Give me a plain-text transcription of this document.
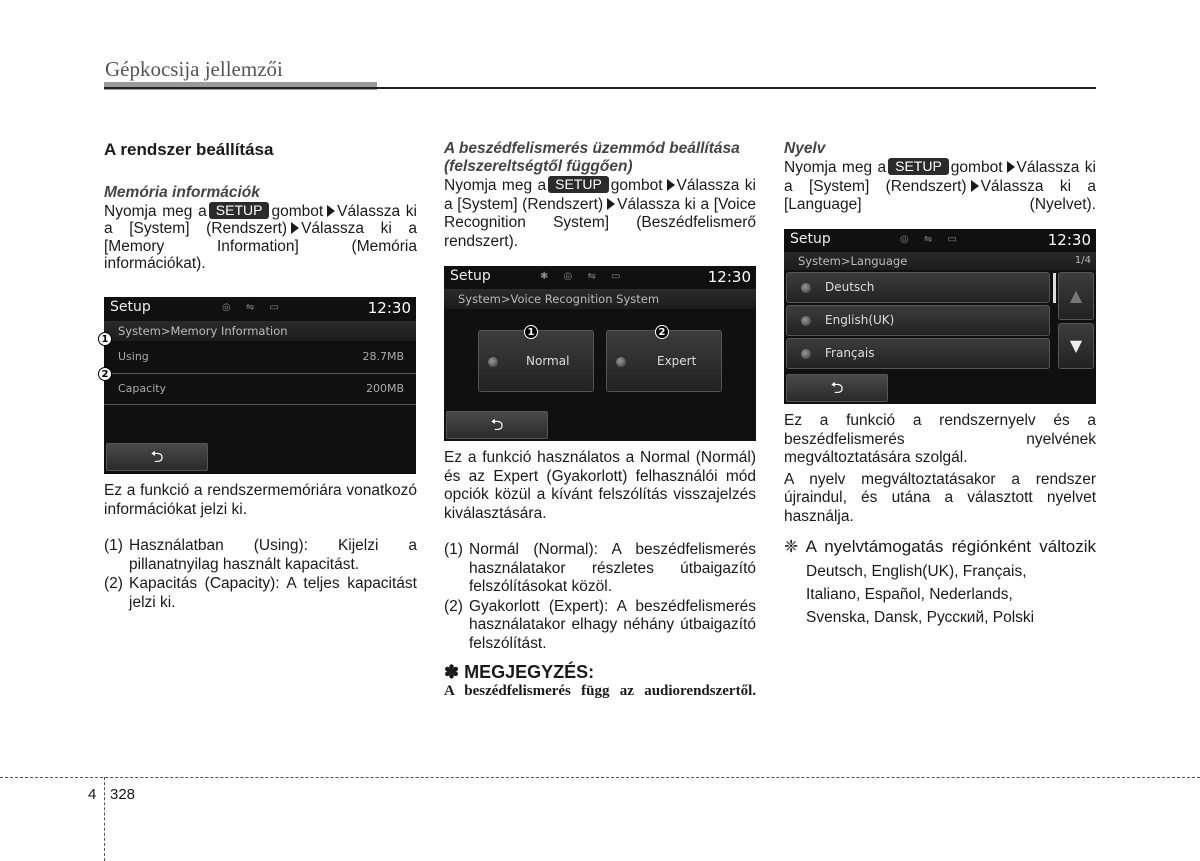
Gépkocsija jellemzői
A rendszer beállítása
Memória információk
Nyomja meg a SETUP gombot Válassza ki a [System] (Rendszert) Válassza ki a [Memory Information] (Memória információkat).
Setup	◎ ⇋ ▭	12:30
System>Memory Information
Using	28.7MB
Capacity	200MB
⮌
1
2
Ez a funkció a rendszermemóriára vonatkozó információkat jelzi ki.
(1) Használatban (Using): Kijelzi a pillanatnyilag használt kapacitást.
(2) Kapacitás (Capacity): A teljes kapacitást jelzi ki.
A beszédfelismerés üzemmód beállítása (felszereltségtől függően)
Nyomja meg a SETUP gombot Válassza ki a [System] (Rendszert) Válassza ki a [Voice Recognition System] (Beszédfelismerő rendszert).
Setup	✱ ◎ ⇋ ▭	12:30
System>Voice Recognition System
Normal	Expert
1	2
⮌
Ez a funkció használatos a Normal (Normál) és az Expert (Gyakorlott) felhasználói mód opciók közül a kívánt felszólítás visszajelzés kiválasztására.
(1) Normál (Normal): A beszédfelismerés használatakor részletes útbaigazító felszólításokat közöl.
(2) Gyakorlott (Expert): A beszédfelismerés használatakor elhagy néhány útbaigazító felszólítást.
✽ MEGJEGYZÉS:
A beszédfelismerés függ az audiorendszertől.
Nyelv
Nyomja meg a SETUP gombot Válassza ki a [System] (Rendszert) Válassza ki a [Language] (Nyelvet).
Setup	◎ ⇋ ▭	12:30
System>Language	1/4
Deutsch
English(UK)
Français
▲
▼
⮌
Ez a funkció a rendszernyelv és a beszédfelismerés nyelvének megváltoztatására szolgál.
A nyelv megváltoztatásakor a rendszer újraindul, és utána a választott nyelvet használja.
❈ A nyelvtámogatás régiónként változik
Deutsch, English(UK), Français,
Italiano, Español, Nederlands,
Svenska, Dansk, Русский, Polski
4 328
